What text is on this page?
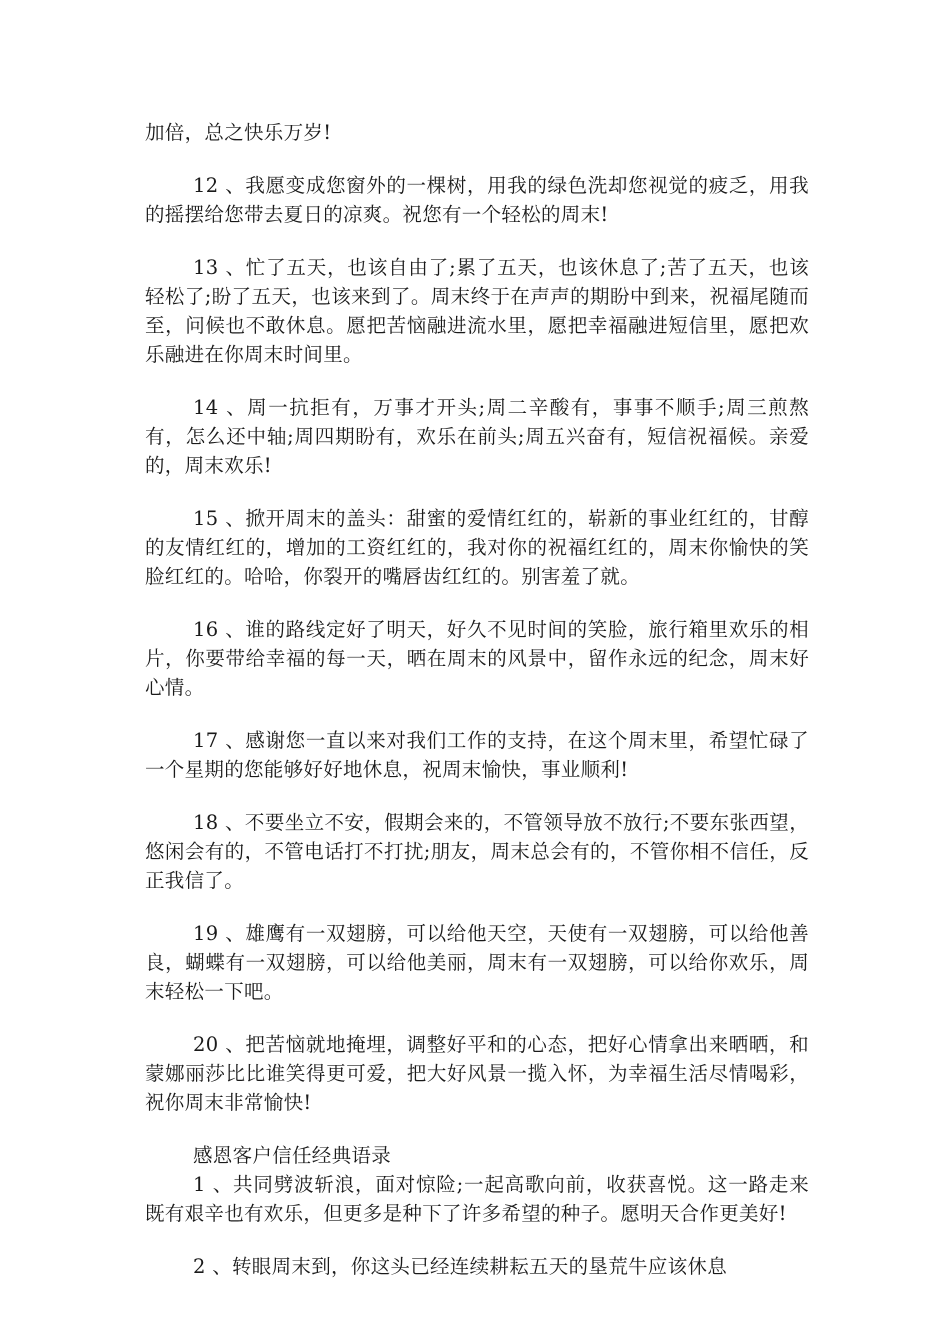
加倍，总之快乐万岁!

12 、我愿变成您窗外的一棵树，用我的绿色洗却您视觉的疲乏，用我的摇摆给您带去夏日的凉爽。祝您有一个轻松的周末!

13 、忙了五天，也该自由了;累了五天，也该休息了;苦了五天，也该轻松了;盼了五天，也该来到了。周末终于在声声的期盼中到来，祝福尾随而至，问候也不敢休息。愿把苦恼融进流水里，愿把幸福融进短信里，愿把欢乐融进在你周末时间里。

14 、周一抗拒有，万事才开头;周二辛酸有，事事不顺手;周三煎熬有，怎么还中轴;周四期盼有，欢乐在前头;周五兴奋有，短信祝福候。亲爱的，周末欢乐!

15 、掀开周末的盖头：甜蜜的爱情红红的，崭新的事业红红的，甘醇的友情红红的，增加的工资红红的，我对你的祝福红红的，周末你愉快的笑脸红红的。哈哈，你裂开的嘴唇齿红红的。别害羞了就。

16 、谁的路线定好了明天，好久不见时间的笑脸，旅行箱里欢乐的相片，你要带给幸福的每一天，晒在周末的风景中，留作永远的纪念，周末好心情。

17 、感谢您一直以来对我们工作的支持，在这个周末里，希望忙碌了一个星期的您能够好好地休息，祝周末愉快，事业顺利!

18 、不要坐立不安，假期会来的，不管领导放不放行;不要东张西望，悠闲会有的，不管电话打不打扰;朋友，周末总会有的，不管你相不信任，反正我信了。

19 、雄鹰有一双翅膀，可以给他天空，天使有一双翅膀，可以给他善良，蝴蝶有一双翅膀，可以给他美丽，周末有一双翅膀，可以给你欢乐，周末轻松一下吧。

20 、把苦恼就地掩埋，调整好平和的心态，把好心情拿出来晒晒，和蒙娜丽莎比比谁笑得更可爱，把大好风景一揽入怀，为幸福生活尽情喝彩，祝你周末非常愉快!

感恩客户信任经典语录

1 、共同劈波斩浪，面对惊险;一起高歌向前，收获喜悦。这一路走来既有艰辛也有欢乐，但更多是种下了许多希望的种子。愿明天合作更美好!

2 、转眼周末到，你这头已经连续耕耘五天的垦荒牛应该休息
